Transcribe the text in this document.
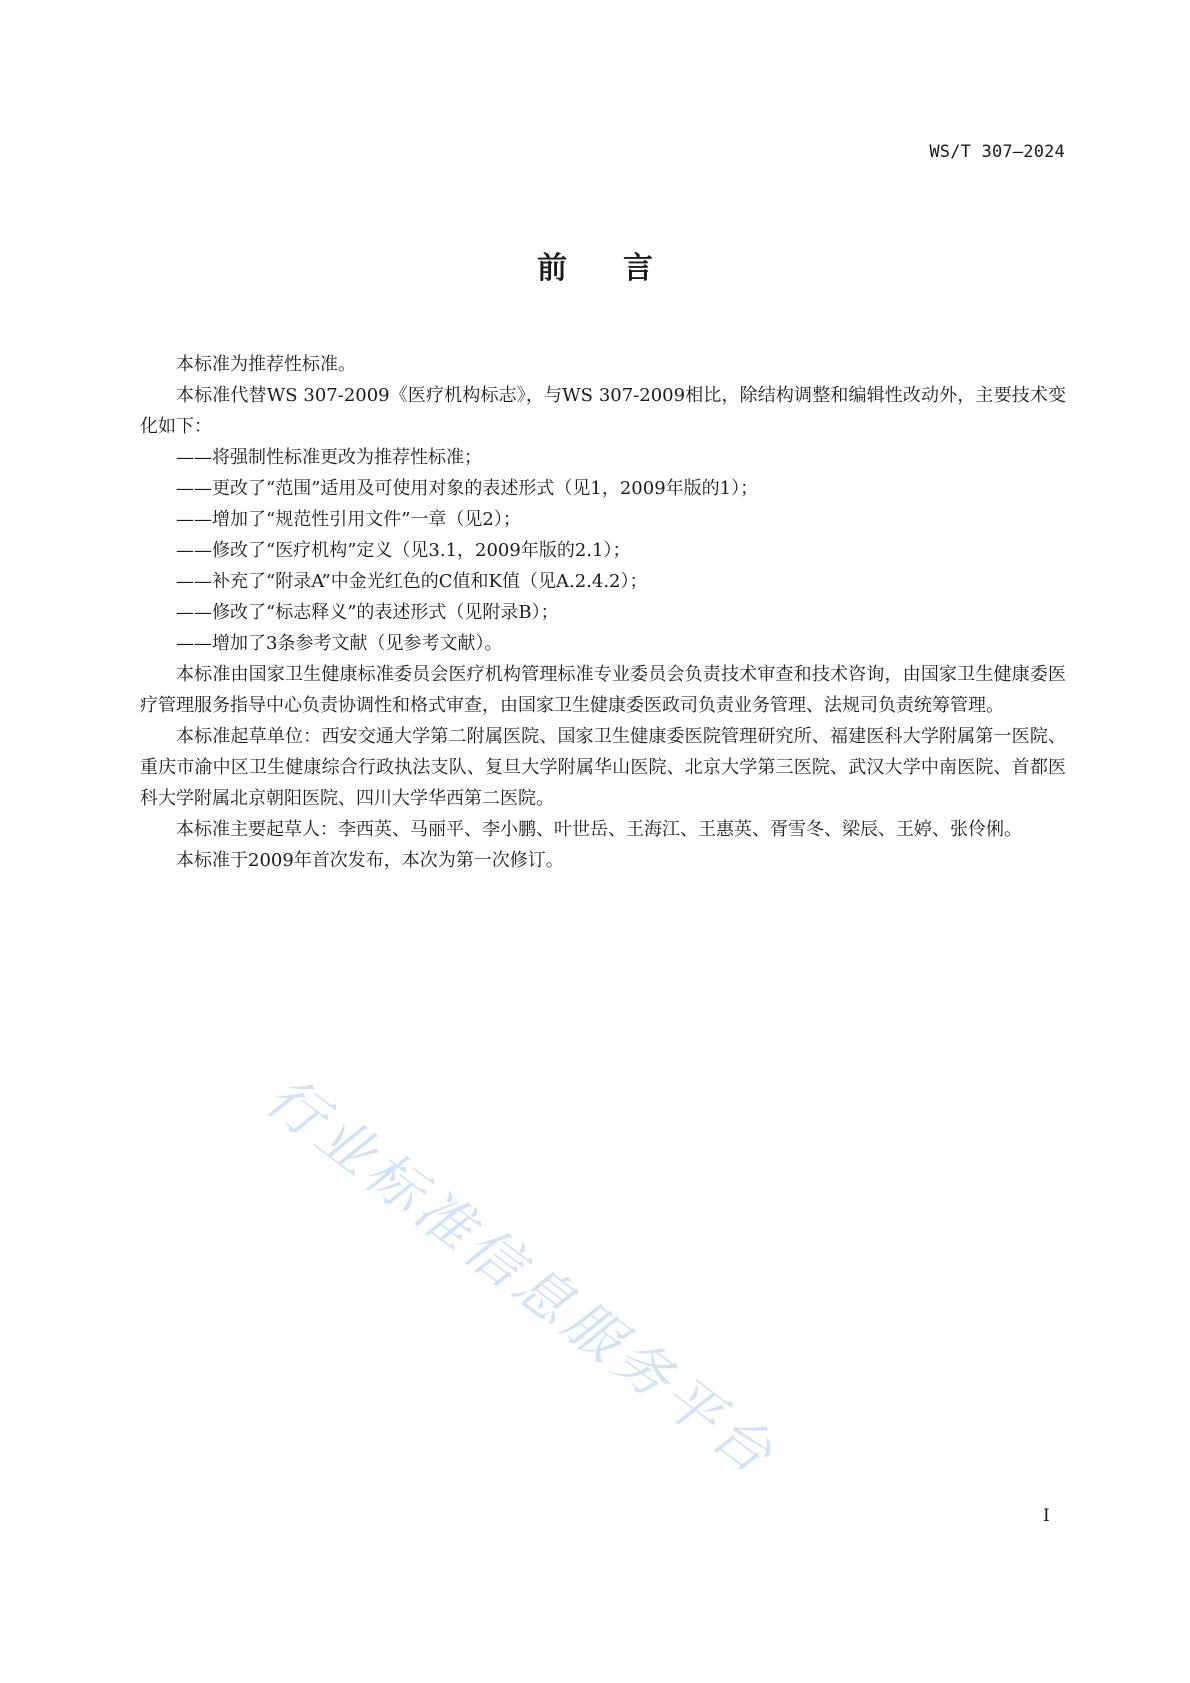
WS/T 307—2024
前言

本标准为推荐性标准。

本标准代替WS 307-2009《医疗机构标志》，与WS 307-2009相比，除结构调整和编辑性改动外，主要技术变化如下：

——将强制性标准更改为推荐性标准；
——更改了“范围”适用及可使用对象的表述形式（见1，2009年版的1）；
——增加了“规范性引用文件”一章（见2）；
——修改了“医疗机构”定义（见3.1，2009年版的2.1）；
——补充了“附录A”中金光红色的C值和K值（见A.2.4.2）；
——修改了“标志释义”的表述形式（见附录B）；
——增加了3条参考文献（见参考文献）。

本标准由国家卫生健康标准委员会医疗机构管理标准专业委员会负责技术审查和技术咨询，由国家卫生健康委医疗管理服务指导中心负责协调性和格式审查，由国家卫生健康委医政司负责业务管理、法规司负责统筹管理。

本标准起草单位：西安交通大学第二附属医院、国家卫生健康委医院管理研究所、福建医科大学附属第一医院、重庆市渝中区卫生健康综合行政执法支队、复旦大学附属华山医院、北京大学第三医院、武汉大学中南医院、首都医科大学附属北京朝阳医院、四川大学华西第二医院。

本标准主要起草人：李西英、马丽平、李小鹏、叶世岳、王海江、王惠英、胥雪冬、梁辰、王婷、张伶俐。

本标准于2009年首次发布，本次为第一次修订。

行业标准信息服务平台
I
